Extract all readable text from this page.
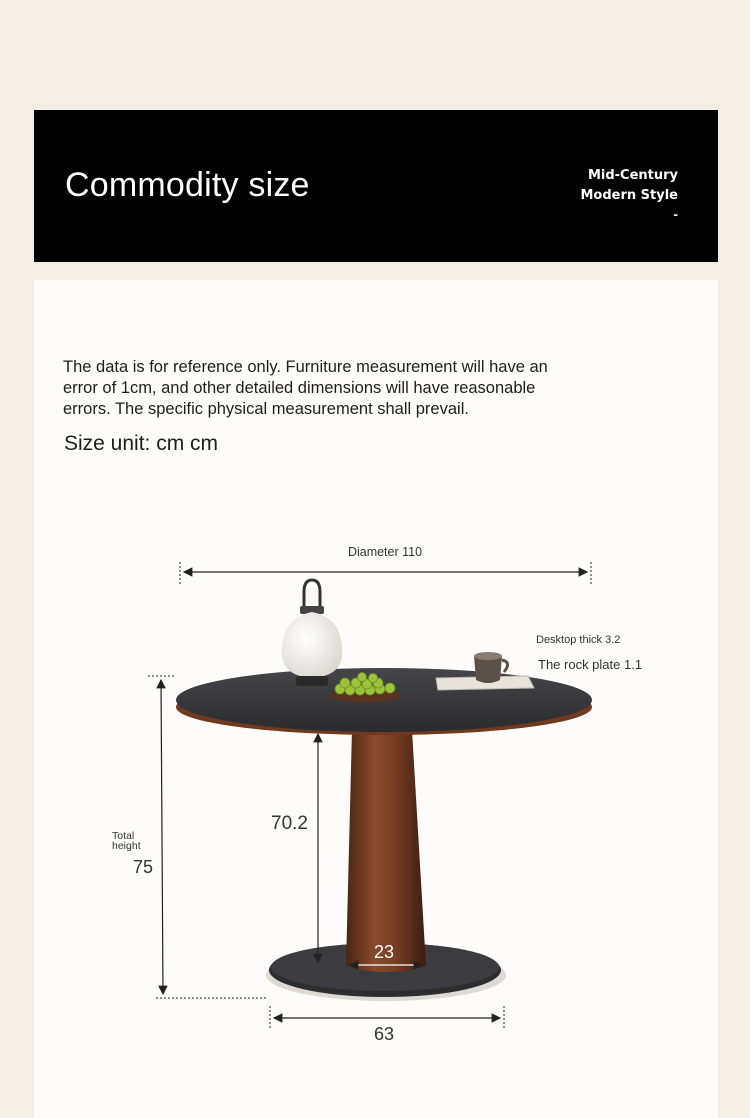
Commodity size	Mid-Century
Modern Style
-

The data is for reference only. Furniture measurement will have an error of 1cm, and other detailed dimensions will have reasonable errors. The specific physical measurement shall prevail.

Size unit: cm cm
Diameter 110
Desktop thick 3.2
The rock plate 1.1
Total
height
75
70.2
23
63
